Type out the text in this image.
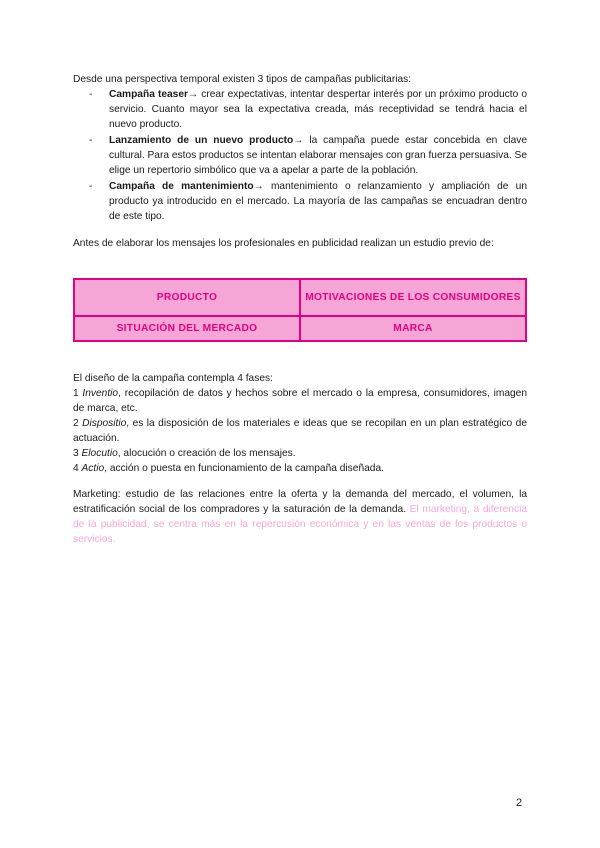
Desde una perspectiva temporal existen 3 tipos de campañas publicitarias:
- Campaña teaser→ crear expectativas, intentar despertar interés por un próximo producto o servicio. Cuanto mayor sea la expectativa creada, más receptividad se tendrá hacia el nuevo producto.
- Lanzamiento de un nuevo producto→ la campaña puede estar concebida en clave cultural. Para estos productos se intentan elaborar mensajes con gran fuerza persuasiva. Se elige un repertorio simbólico que va a apelar a parte de la población.
- Campaña de mantenimiento→ mantenimiento o relanzamiento y ampliación de un producto ya introducido en el mercado. La mayoría de las campañas se encuadran dentro de este tipo.
Antes de elaborar los mensajes los profesionales en publicidad realizan un estudio previo de:
PRODUCTO	MOTIVACIONES DE LOS CONSUMIDORES
SITUACIÓN DEL MERCADO	MARCA
El diseño de la campaña contempla 4 fases:
1 Inventio, recopilación de datos y hechos sobre el mercado o la empresa, consumidores, imagen de marca, etc.
2 Dispositio, es la disposición de los materiales e ideas que se recopilan en un plan estratégico de actuación.
3 Elocutio, alocución o creación de los mensajes.
4 Actio, acción o puesta en funcionamiento de la campaña diseñada.
Marketing: estudio de las relaciones entre la oferta y la demanda del mercado, el volumen, la estratificación social de los compradores y la saturación de la demanda. El marketing, a diferencia de la publicidad, se centra más en la repercusión económica y en las ventas de los productos o servicios.
2
